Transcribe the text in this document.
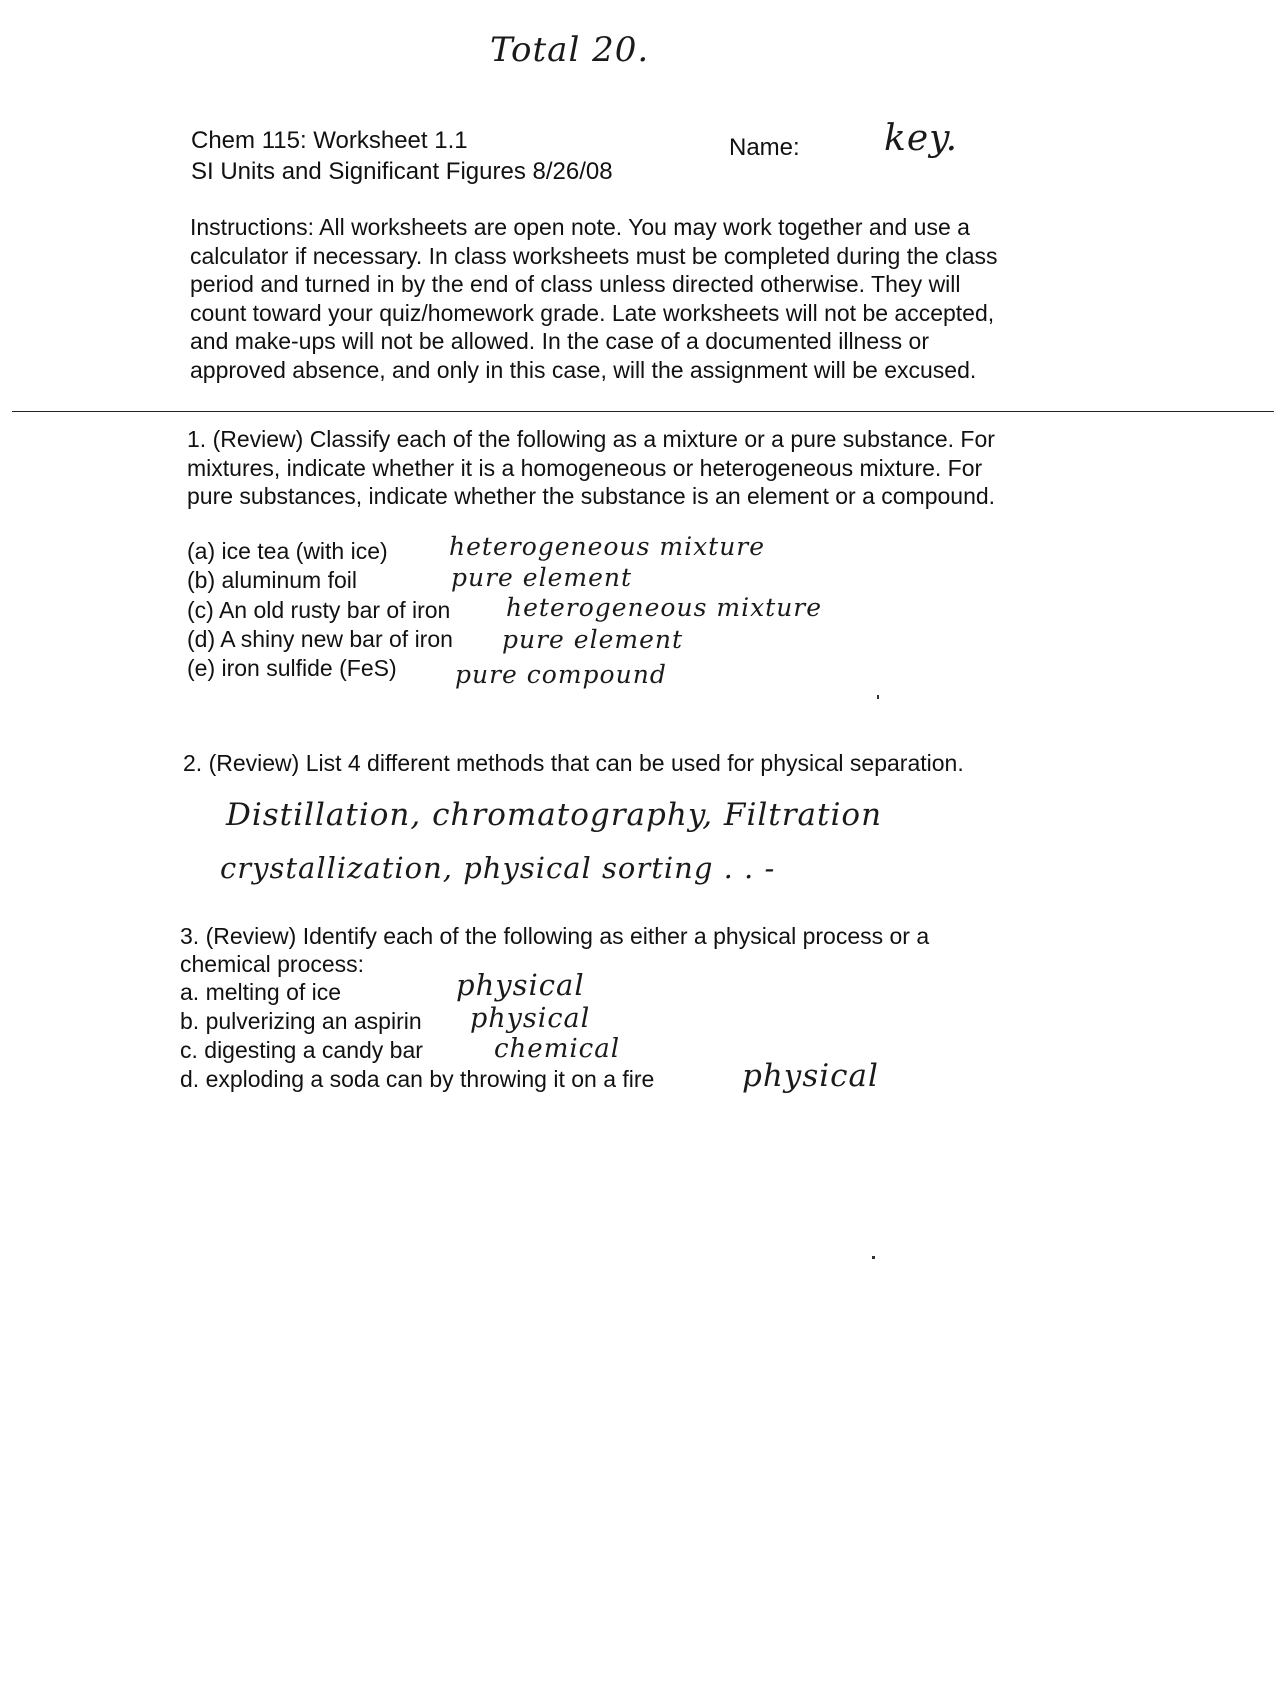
Total 20.
Chem 115: Worksheet 1.1
SI Units and Significant Figures 8/26/08
Name: key.
Instructions: All worksheets are open note. You may work together and use a
calculator if necessary. In class worksheets must be completed during the class
period and turned in by the end of class unless directed otherwise. They will
count toward your quiz/homework grade. Late worksheets will not be accepted,
and make-ups will not be allowed. In the case of a documented illness or
approved absence, and only in this case, will the assignment will be excused.
1. (Review) Classify each of the following as a mixture or a pure substance. For
mixtures, indicate whether it is a homogeneous or heterogeneous mixture. For
pure substances, indicate whether the substance is an element or a compound.
(a) ice tea (with ice) heterogeneous mixture
(b) aluminum foil	pure element
(c) An old rusty bar of iron heterogeneous mixture
(d) A shiny new bar of iron pure element
(e) iron sulfide (FeS) pure compound
2. (Review) List 4 different methods that can be used for physical separation.
Distillation, chromatography, Filtration
crystallization, physical sorting . . -
3. (Review) Identify each of the following as either a physical process or a
chemical process:
a. melting of ice	physical
b. pulverizing an aspirin physical
c. digesting a candy bar	chemical
d. exploding a soda can by throwing it on a fire	physical
